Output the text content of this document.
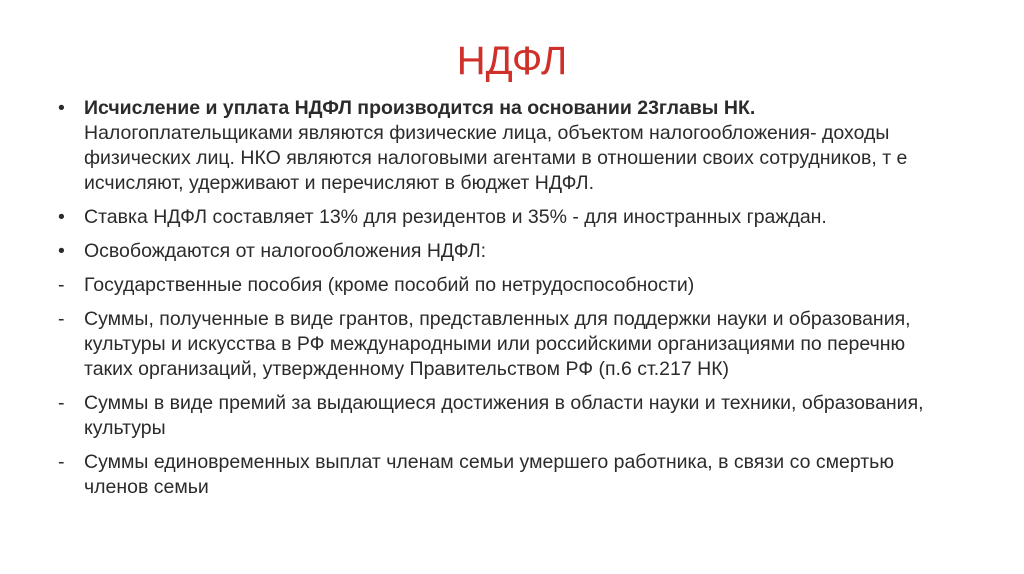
НДФЛ
• Исчисление и уплата НДФЛ производится на основании 23главы НК. Налогоплательщиками являются физические лица, объектом налогообложения- доходы физических лиц. НКО являются налоговыми агентами в отношении своих сотрудников, т е исчисляют, удерживают и перечисляют в бюджет НДФЛ.
• Ставка НДФЛ составляет 13% для резидентов и 35% - для иностранных граждан.
• Освобождаются от налогообложения НДФЛ:
-	Государственные пособия (кроме пособий по нетрудоспособности)
-	Суммы, полученные в виде грантов, представленных для поддержки науки и образования, культуры и искусства в РФ международными или российскими организациями по перечню таких организаций, утвержденному Правительством РФ (п.6 ст.217 НК)
-	Суммы в виде премий за выдающиеся достижения в области науки и техники, образования, культуры
-	Суммы единовременных выплат членам семьи умершего работника, в связи со смертью членов семьи
